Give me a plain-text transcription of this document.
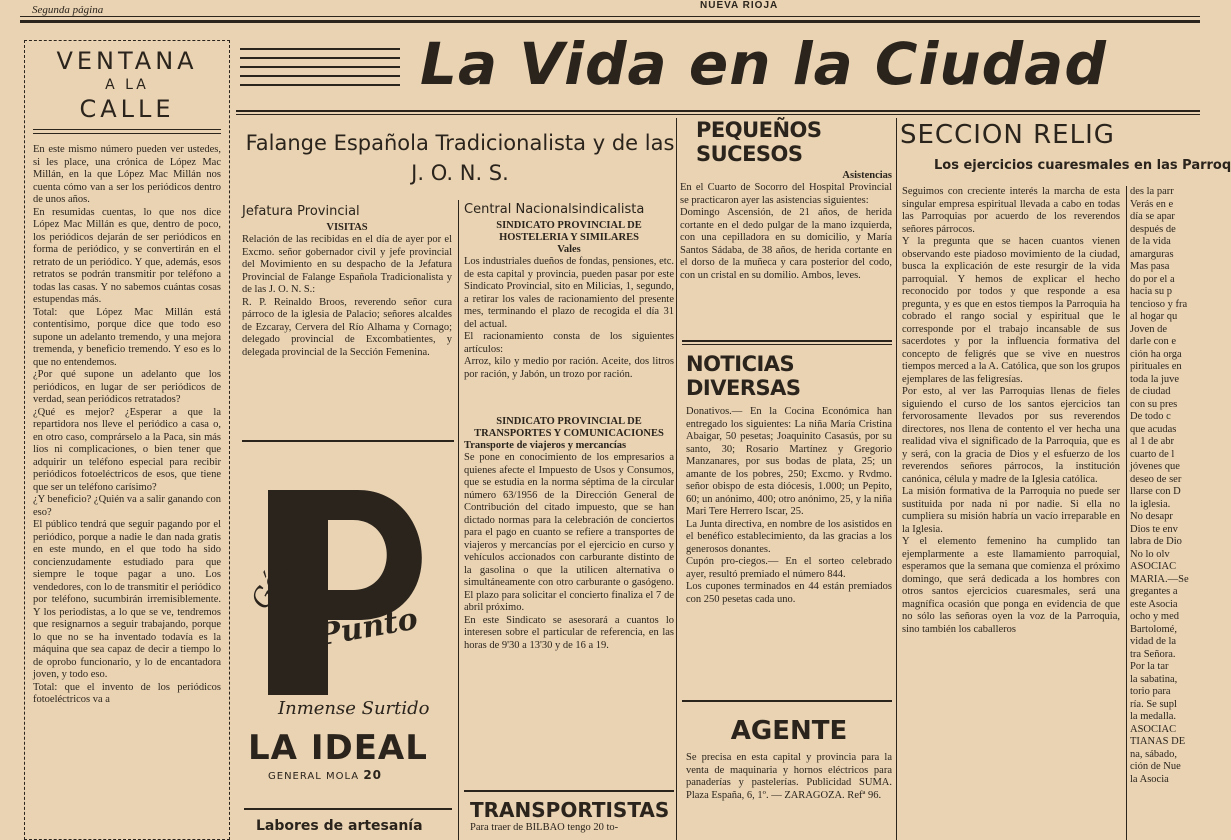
Segunda página	NUEVA RIOJA
La Vida en la Ciudad
VENTANA
A LA
CALLE
En este mismo número pueden ver ustedes, si les place, una crónica de López Mac Millán, en la que López Mac Millán nos cuenta cómo van a ser los periódicos dentro de unos años.
En resumidas cuentas, lo que nos dice López Mac Millán es que, dentro de poco, los periódicos dejarán de ser periódicos en forma de periódico, y se convertirán en el retrato de un periódico. Y que, además, esos retratos se podrán transmitir por teléfono a todas las casas. Y no sabemos cuántas cosas estupendas más.
Total: que López Mac Millán está contentísimo, porque dice que todo eso supone un adelanto tremendo, y una mejora tremenda, y beneficio tremendo. Y eso es lo que no entendemos.
¿Por qué supone un adelanto que los periódicos, en lugar de ser periódicos de verdad, sean periódicos retratados?
¿Qué es mejor? ¿Esperar a que la repartidora nos lleve el periódico a casa o, en otro caso, comprárselo a la Paca, sin más líos ni complicaciones, o bien tener que adquirir un teléfono especial para recibir periódicos fotoeléctricos de esos, que tiene que ser un teléfono carísimo?
¿Y beneficio? ¿Quién va a salir ganando con eso?
El público tendrá que seguir pagando por el periódico, porque a nadie le dan nada gratis en este mundo, en el que todo ha sido concienzudamente estudiado para que siempre le toque pagar a uno. Los vendedores, con lo de transmitir el periódico por teléfono, sucumbirán irremisiblemente. Y los periodistas, a lo que se ve, tendremos que resignarnos a seguir trabajando, porque lo que no se ha inventado todavía es la máquina que sea capaz de decir a tiempo lo de oprobo funcionario, y lo de encantadora joven, y todo eso.
Total: que el invento de los periódicos fotoeléctricos va a
Falange Española Tradicionalista y de las J. O. N. S.
Jefatura Provincial
VISITAS
Relación de las recibidas en el día de ayer por el Excmo. señor gobernador civil y jefe provincial del Movimiento en su despacho de la Jefatura Provincial de Falange Española Tradicionalista y de las J. O. N. S.:
R. P. Reinaldo Broos, reverendo señor cura párroco de la iglesia de Palacio; señores alcaldes de Ezcaray, Cervera del Río Alhama y Cornago; delegado provincial de Excombatientes, y delegada provincial de la Sección Femenina.
Central Nacionalsindicalista
SINDICATO PROVINCIAL DE HOSTELERIA Y SIMILARES
Vales
Los industriales dueños de fondas, pensiones, etc. de esta capital y provincia, pueden pasar por este Sindicato Provincial, sito en Milicias, 1, segundo, a retirar los vales de racionamiento del presente mes, terminando el plazo de recogida el día 31 del actual.
El racionamiento consta de los siguientes artículos:
Arroz, kilo y medio por ración. Aceite, dos litros por ración, y Jabón, un trozo por ración.
SINDICATO PROVINCIAL DE TRANSPORTES Y COMUNICACIONES
Transporte de viajeros y mercancías
Se pone en conocimiento de los empresarios a quienes afecte el Impuesto de Usos y Consumos, que se estudia en la norma séptima de la circular número 63/1956 de la Dirección General de Contribución del citado impuesto, que se han dictado normas para la celebración de conciertos para el pago en cuanto se refiere a transportes de viajeros y mercancías por el ejercicio en curso y vehículos accionados con carburante distinto de la gasolina o que la utilicen alternativa o simultáneamente con otro carburante o gasógeno. El plazo para solicitar el concierto finaliza el 7 de abril próximo.
En este Sindicato se asesorará a cuantos lo interesen sobre el particular de referencia, en las horas de 9'30 a 13'30 y de 16 a 19.
TRANSPORTISTAS
Para traer de BILBAO tengo 20 to-
Géneros
Punto
Inmense Surtido
LA IDEAL
GENERAL MOLA 20
Labores de artesanía
PEQUEÑOS SUCESOS
Asistencias
En el Cuarto de Socorro del Hospital Provincial se practicaron ayer las asistencias siguientes:
Domingo Ascensión, de 21 años, de herida cortante en el dedo pulgar de la mano izquierda, con una cepilladora en su domicilio, y María Santos Sádaba, de 38 años, de herida cortante en el dorso de la muñeca y cara posterior del codo, con un cristal en su domilio. Ambos, leves.
NOTICIAS DIVERSAS
Donativos.— En la Cocina Económica han entregado los siguientes: La niña María Cristina Abaigar, 50 pesetas; Joaquinito Casasús, por su santo, 30; Rosario Martínez y Gregorio Manzanares, por sus bodas de plata, 25; un amante de los pobres, 250; Excmo. y Rvdmo. señor obispo de esta diócesis, 1.000; un Pepito, 60; un anónimo, 400; otro anónimo, 25, y la niña Mari Tere Herrero Iscar, 25.
La Junta directiva, en nombre de los asistidos en el benéfico establecimiento, da las gracias a los generosos donantes.
Cupón pro-ciegos.— En el sorteo celebrado ayer, resultó premiado el número 844.
Los cupones terminados en 44 están premiados con 250 pesetas cada uno.
AGENTE
Se precisa en esta capital y provincia para la venta de maquinaria y hornos eléctricos para panaderías y pastelerías. Publicidad SUMA. Plaza España, 6, 1º. — ZARAGOZA. Refª 96.
SECCION RELIG
Los ejercicios cuaresmales en las Parroq
Seguimos con creciente interés la marcha de esta singular empresa espiritual llevada a cabo en todas las Parroquias por acuerdo de los reverendos señores párrocos.
Y la pregunta que se hacen cuantos vienen observando este piadoso movimiento de la ciudad, busca la explicación de este resurgir de la vida parroquial. Y hemos de explicar el hecho reconocido por todos y que responde a esa pregunta, y es que en estos tiempos la Parroquia ha cobrado el rango social y espiritual que le corresponde por el trabajo incansable de sus sacerdotes y por la influencia formativa del concepto de feligrés que se vive en nuestros tiempos merced a la A. Católica, que son los grupos ejemplares de las feligresías.
Por esto, al ver las Parroquias llenas de fieles siguiendo el curso de los santos ejercicios tan fervorosamente llevados por sus reverendos directores, nos llena de contento el ver hecha una realidad viva el significado de la Parroquia, que es y será, con la gracia de Dios y el esfuerzo de los reverendos señores párrocos, la institución canónica, célula y madre de la Iglesia católica.
La misión formativa de la Parroquia no puede ser sustituida por nada ni por nadie. Si ella no cumpliera su misión habría un vacío irreparable en la Iglesia.
Y el elemento femenino ha cumplido tan ejemplarmente a este llamamiento parroquial, esperamos que la semana que comienza el próximo domingo, que será dedicada a los hombres con otros santos ejercicios cuaresmales, será una magnífica ocasión que ponga en evidencia de que no sólo las señoras oyen la voz de la Parroquia, sino también los caballeros
des la parr
Verás en e
día se apar
después de
de la vida
amarguras
Mas pasa
do por el a
hacia su p
tencioso y fra
al hogar qu
Joven de
darle con e
ción ha orga
pirituales en
toda la juve
de ciudad
con su pres
De todo c
que acudas
al 1 de abr
cuarto de l
jóvenes que
deseo de ser
llarse con D
la iglesia.
No desapr
Dios te env
labra de Dio
No lo olv
ASOCIAC
MARIA.—Se
gregantes a
este Asocia
ocho y med
Bartolomé,
vidad de la
tra Señora.
Por la tar
la sabatina,
torio para
ría. Se supl
la medalla.
ASOCIAC
TIANAS DE
na, sábado,
ción de Nue
la Asocia
